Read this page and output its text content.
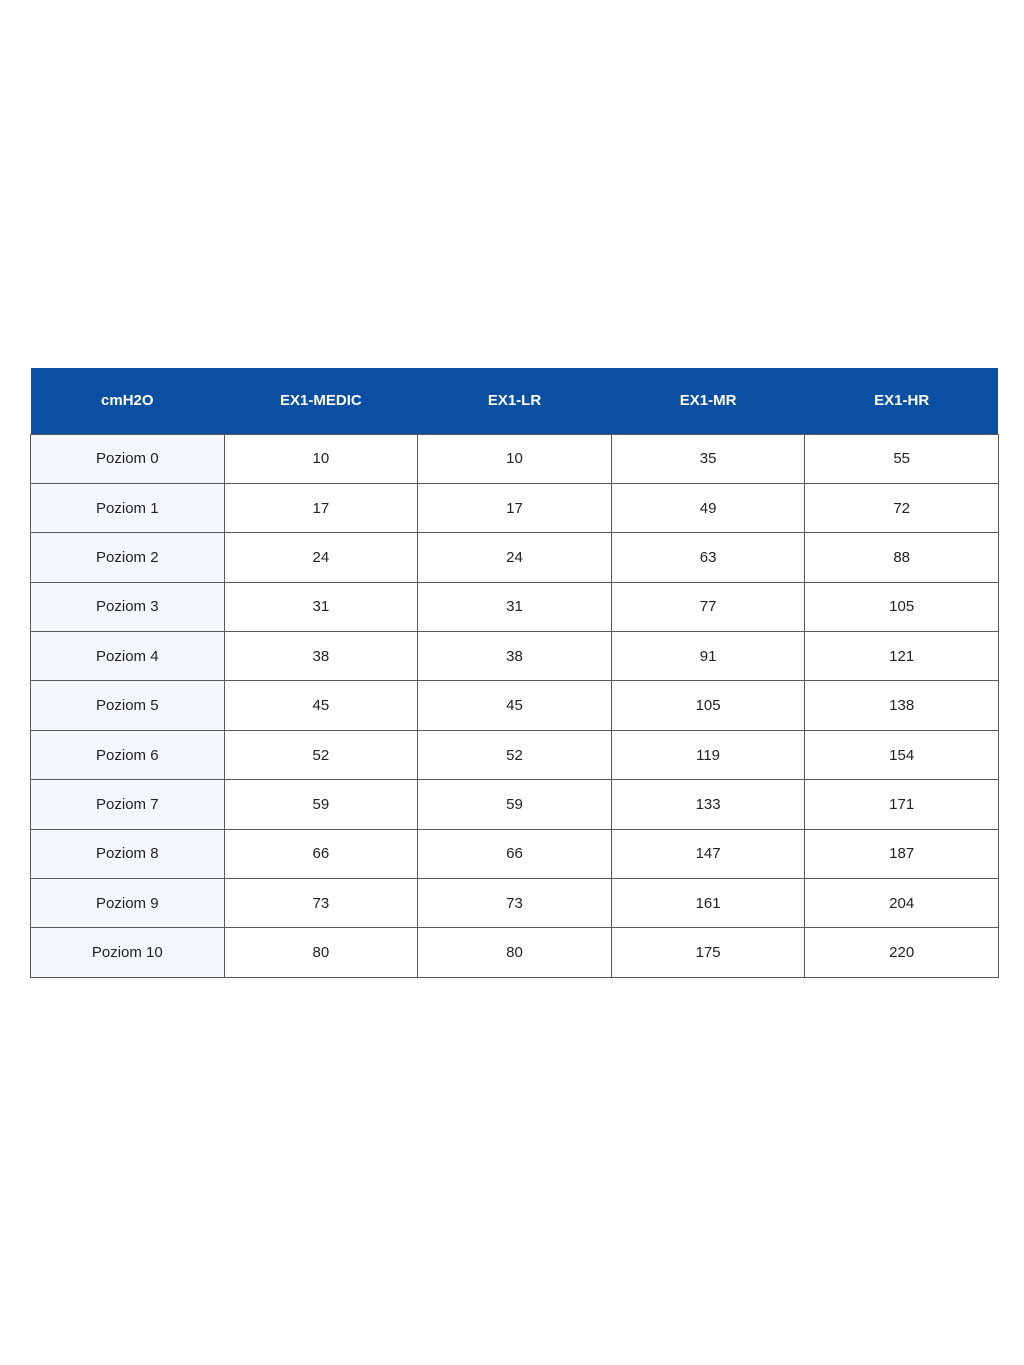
cmH2O	EX1-MEDIC	EX1-LR	EX1-MR	EX1-HR
Poziom 0	10	10	35	55
Poziom 1	17	17	49	72
Poziom 2	24	24	63	88
Poziom 3	31	31	77	105
Poziom 4	38	38	91	121
Poziom 5	45	45	105	138
Poziom 6	52	52	119	154
Poziom 7	59	59	133	171
Poziom 8	66	66	147	187
Poziom 9	73	73	161	204
Poziom 10	80	80	175	220
